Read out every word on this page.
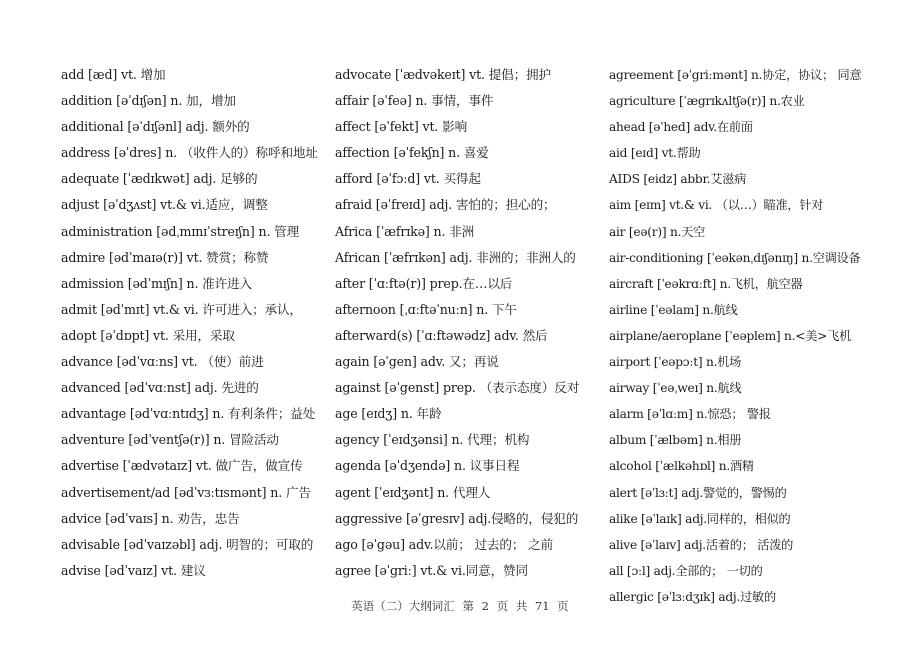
add [æd] vt. 增加
addition [əˈdɪʃən] n. 加，增加
additional [əˈdɪʃənl] adj. 额外的
address [əˈdres] n. （收件人的）称呼和地址
adequate [ˈædɪkwət] adj. 足够的
adjust [əˈdʒʌst] vt.& vi.适应，调整
administration [ədˌmɪnɪˈstreɪʃn] n. 管理
admire [ədˈmaɪə(r)] vt. 赞赏；称赞
admission [ədˈmɪʃn] n. 准许进入
admit [ədˈmɪt] vt.& vi. 许可进入；承认，
adopt [əˈdɒpt] vt. 采用，采取
advance [ədˈvɑːns] vt. （使）前进
advanced [ədˈvɑːnst] adj. 先进的
advantage [ədˈvɑːntɪdʒ] n. 有利条件；益处
adventure [ədˈventʃə(r)] n. 冒险活动
advertise [ˈædvətaɪz] vt. 做广告，做宣传
advertisement/ad [ədˈvɜːtɪsmənt] n. 广告
advice [ədˈvaɪs] n. 劝告，忠告
advisable [ədˈvaɪzəbl] adj. 明智的；可取的
advise [ədˈvaɪz] vt. 建议
advocate [ˈædvəkeɪt] vt. 提倡；拥护
affair [əˈfeə] n. 事情，事件
affect [əˈfekt] vt. 影响
affection [əˈfekʃn] n. 喜爱
afford [əˈfɔːd] vt. 买得起
afraid [əˈfreɪd] adj. 害怕的；担心的；
Africa [ˈæfrɪkə] n. 非洲
African [ˈæfrɪkən] adj. 非洲的；非洲人的
after [ˈɑːftə(r)] prep.在…以后
afternoon [ˌɑːftəˈnuːn] n. 下午
afterward(s) [ˈɑːftəwədz] adv. 然后
again [əˈgen] adv. 又；再说
against [əˈgenst] prep. （表示态度）反对
age [eɪdʒ] n. 年龄
agency [ˈeɪdʒənsi] n. 代理；机构
agenda [əˈdʒendə] n. 议事日程
agent [ˈeɪdʒənt] n. 代理人
aggressive [əˈgresɪv] adj.侵略的，侵犯的
ago [əˈgəu] adv.以前； 过去的； 之前
agree [əˈgriː] vt.& vi.同意，赞同
agreement [əˈgriːmənt] n.协定，协议； 同意
agriculture [ˈægrɪkʌltʃə(r)] n.农业
ahead [əˈhed] adv.在前面
aid [eɪd] vt.帮助
AIDS [eidz] abbr.艾滋病
aim [eɪm] vt.& vi. （以…）瞄准，针对
air [eə(r)] n.天空
air-conditioning [ˈeəkənˌdɪʃənɪŋ] n.空调设备
aircraft [ˈeəkrɑːft] n.飞机，航空器
airline [ˈeəlam] n.航线
airplane/aeroplane [ˈeəplem] n.<美>飞机
airport [ˈeəpɔːt] n.机场
airway [ˈeəˌweɪ] n.航线
alarm [əˈlɑːm] n.惊恐； 警报
album [ˈælbəm] n.相册
alcohol [ˈælkəhɒl] n.酒精
alert [əˈlɜːt] adj.警觉的，警惕的
alike [əˈlaɪk] adj.同样的，相似的
alive [əˈlaɪv] adj.活着的； 活泼的
all [ɔːl] adj.全部的； 一切的
allergic [əˈlɜːdʒɪk] adj.过敏的
英语（二）大纲词汇 第 2 页 共 71 页
